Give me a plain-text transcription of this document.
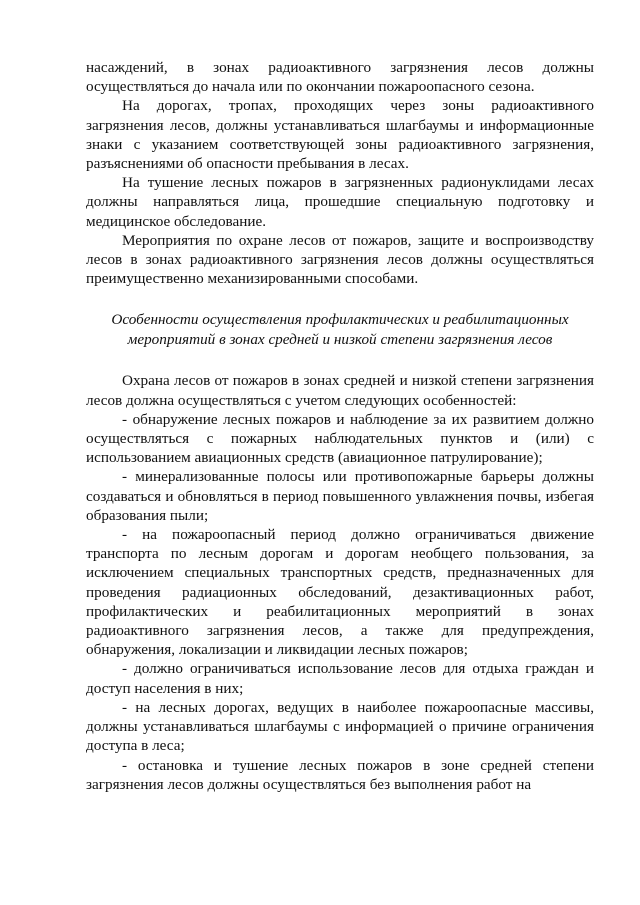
насаждений, в зонах радиоактивного загрязнения лесов должны осуществляться до начала или по окончании пожароопасного сезона.

На дорогах, тропах, проходящих через зоны радиоактивного загрязнения лесов, должны устанавливаться шлагбаумы и информационные знаки с указанием соответствующей зоны радиоактивного загрязнения, разъяснениями об опасности пребывания в лесах.

На тушение лесных пожаров в загрязненных радионуклидами лесах должны направляться лица, прошедшие специальную подготовку и медицинское обследование.

Мероприятия по охране лесов от пожаров, защите и воспроизводству лесов в зонах радиоактивного загрязнения лесов должны осуществляться преимущественно механизированными способами.

Особенности осуществления профилактических и реабилитационных
мероприятий в зонах средней и низкой степени загрязнения лесов

Охрана лесов от пожаров в зонах средней и низкой степени загрязнения лесов должна осуществляться с учетом следующих особенностей:

- обнаружение лесных пожаров и наблюдение за их развитием должно осуществляться с пожарных наблюдательных пунктов и (или) с использованием авиационных средств (авиационное патрулирование);

- минерализованные полосы или противопожарные барьеры должны создаваться и обновляться в период повышенного увлажнения почвы, избегая образования пыли;

- на пожароопасный период должно ограничиваться движение транспорта по лесным дорогам и дорогам необщего пользования, за исключением специальных транспортных средств, предназначенных для проведения радиационных обследований, дезактивационных работ, профилактических и реабилитационных мероприятий в зонах радиоактивного загрязнения лесов, а также для предупреждения, обнаружения, локализации и ликвидации лесных пожаров;

- должно ограничиваться использование лесов для отдыха граждан и доступ населения в них;

- на лесных дорогах, ведущих в наиболее пожароопасные массивы, должны устанавливаться шлагбаумы с информацией о причине ограничения доступа в леса;

- остановка и тушение лесных пожаров в зоне средней степени загрязнения лесов должны осуществляться без выполнения работ на
